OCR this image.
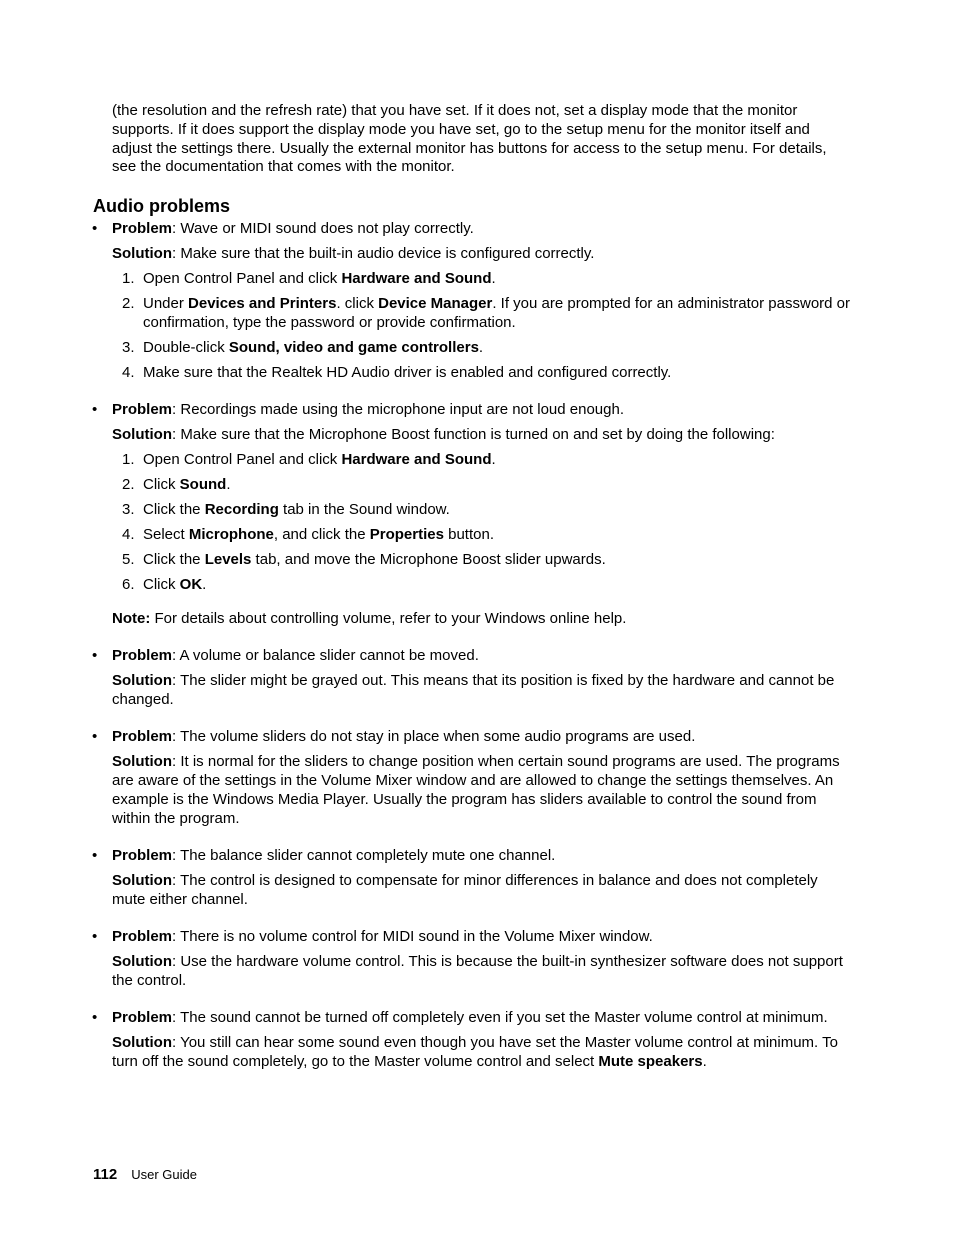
(the resolution and the refresh rate) that you have set. If it does not, set a display mode that the monitor supports. If it does support the display mode you have set, go to the setup menu for the monitor itself and adjust the settings there. Usually the external monitor has buttons for access to the setup menu. For details, see the documentation that comes with the monitor.

Audio problems
• Problem: Wave or MIDI sound does not play correctly.

Solution: Make sure that the built-in audio device is configured correctly.

1. Open Control Panel and click Hardware and Sound.
2. Under Devices and Printers. click Device Manager. If you are prompted for an administrator password or confirmation, type the password or provide confirmation.
3. Double-click Sound, video and game controllers.
4. Make sure that the Realtek HD Audio driver is enabled and configured correctly.
• Problem: Recordings made using the microphone input are not loud enough.

Solution: Make sure that the Microphone Boost function is turned on and set by doing the following:

1. Open Control Panel and click Hardware and Sound.
2. Click Sound.
3. Click the Recording tab in the Sound window.
4. Select Microphone, and click the Properties button.
5. Click the Levels tab, and move the Microphone Boost slider upwards.
6. Click OK.

Note: For details about controlling volume, refer to your Windows online help.

• Problem: A volume or balance slider cannot be moved.

Solution: The slider might be grayed out. This means that its position is fixed by the hardware and cannot be changed.

• Problem: The volume sliders do not stay in place when some audio programs are used.

Solution: It is normal for the sliders to change position when certain sound programs are used. The programs are aware of the settings in the Volume Mixer window and are allowed to change the settings themselves. An example is the Windows Media Player. Usually the program has sliders available to control the sound from within the program.

• Problem: The balance slider cannot completely mute one channel.

Solution: The control is designed to compensate for minor differences in balance and does not completely mute either channel.

• Problem: There is no volume control for MIDI sound in the Volume Mixer window.

Solution: Use the hardware volume control. This is because the built-in synthesizer software does not support the control.

• Problem: The sound cannot be turned off completely even if you set the Master volume control at minimum.

Solution: You still can hear some sound even though you have set the Master volume control at minimum. To turn off the sound completely, go to the Master volume control and select Mute speakers.

112 User Guide
